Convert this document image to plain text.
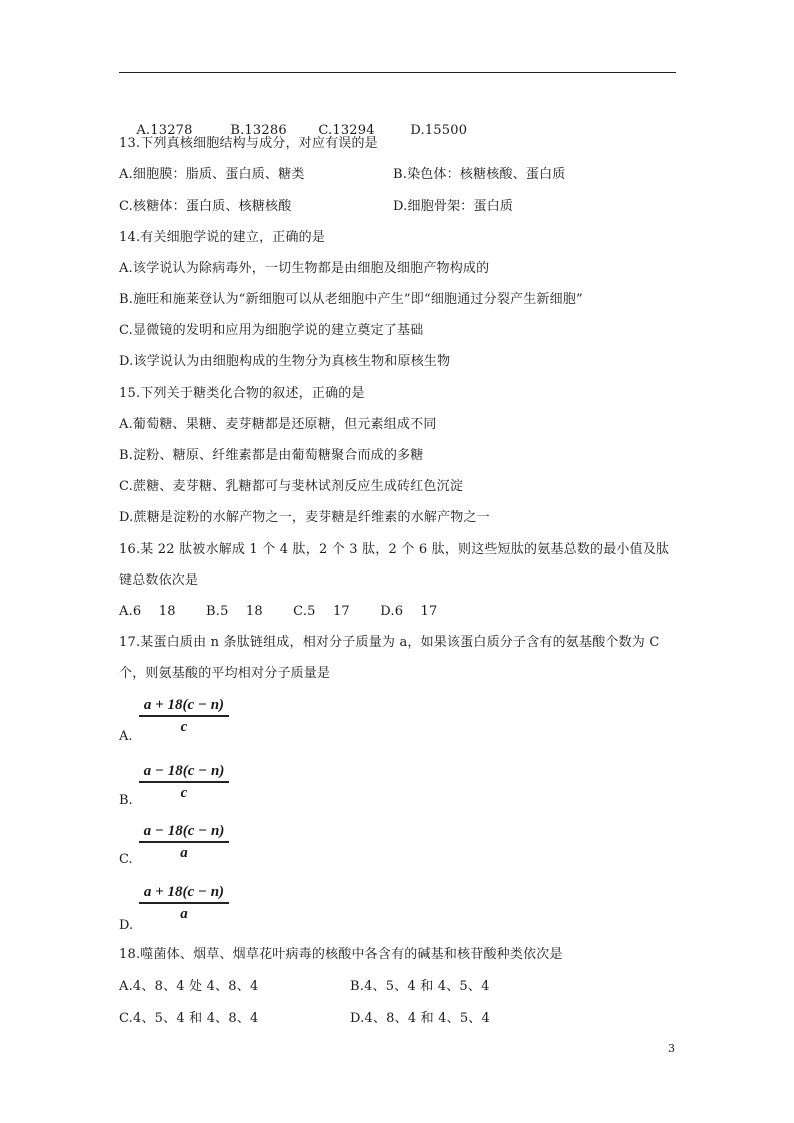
A.13278	B.13286 C.13294	D.15500

13.下列真核细胞结构与成分，对应有误的是
A.细胞膜：脂质、蛋白质、糖类	B.染色体：核糖核酸、蛋白质
C.核糖体：蛋白质、核糖核酸	D.细胞骨架：蛋白质
14.有关细胞学说的建立，正确的是
A.该学说认为除病毒外，一切生物都是由细胞及细胞产物构成的
B.施旺和施莱登认为“新细胞可以从老细胞中产生”即“细胞通过分裂产生新细胞”
C.显微镜的发明和应用为细胞学说的建立奠定了基础
D.该学说认为由细胞构成的生物分为真核生物和原核生物
15.下列关于糖类化合物的叙述，正确的是
A.葡萄糖、果糖、麦芽糖都是还原糖，但元素组成不同
B.淀粉、糖原、纤维素都是由葡萄糖聚合而成的多糖
C.蔗糖、麦芽糖、乳糖都可与斐林试剂反应生成砖红色沉淀
D.蔗糖是淀粉的水解产物之一，麦芽糖是纤维素的水解产物之一
16.某 22 肽被水解成 1 个 4 肽，2 个 3 肽，2 个 6 肽，则这些短肽的氨基总数的最小值及肽
键总数依次是
A.6    18       B.5    18       C.5    17       D.6    17
17.某蛋白质由 n 条肽链组成，相对分子质量为 a，如果该蛋白质分子含有的氨基酸个数为 C
个，则氨基酸的平均相对分子质量是
a + 18(c − n)
c
A.
a − 18(c − n)
c
B.
a − 18(c − n)
a
C.
a + 18(c − n)
a
D.
18.噬菌体、烟草、烟草花叶病毒的核酸中各含有的碱基和核苷酸种类依次是
A.4、8、4 处 4、8、4	B.4、5、4 和 4、5、4
C.4、5、4 和 4、8、4	D.4、8、4 和 4、5、4
3
